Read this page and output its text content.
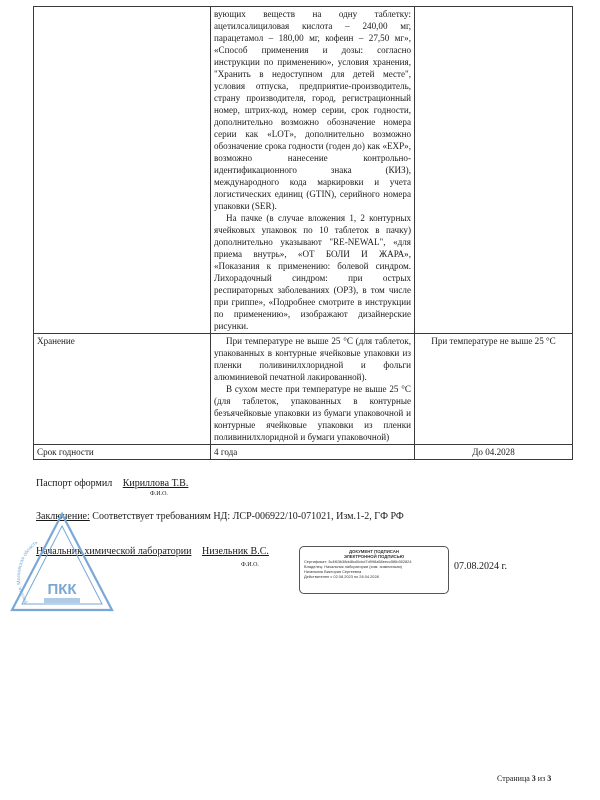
	вующих веществ на одну таблетку: ацетилсалициловая кислота – 240,00 мг, парацетамол – 180,00 мг, кофеин – 27,50 мг», «Способ применения и дозы: согласно инструкции по применению», условия хранения, "Хранить в недоступном для детей месте", условия отпуска, предприятие-производитель, страну производителя, город, регистрационный номер, штрих-код, номер серии, срок годности, дополнительно возможно обозначение номера серии как «LOT», дополнительно возможно обозначение срока годности (годен до) как «EXP», возможно нанесение контрольно-идентификационного знака (КИЗ), международного кода маркировки и учета логистических единиц (GTIN), серийного номера упаковки (SER).

На пачке (в случае вложения 1, 2 контурных ячейковых упаковок по 10 таблеток в пачку) дополнительно указывают "RE-NEWAL", «для приема внутрь», «ОТ БОЛИ И ЖАРА», «Показания к применению: болевой синдром. Лихорадочный синдром: при острых респираторных заболеваниях (ОРЗ), в том числе при гриппе», «Подробнее смотрите в инструкции по применению», изображают дизайнерские рисунки.	

Хранение	При температуре не выше 25 °С (для таблеток, упакованных в контурные ячейковые упаковки из пленки поливинилхлоридной и фольги алюминиевой печатной лакированной).

В сухом месте при температуре не выше 25 °С (для таблеток, упакованных в контурные безъячейковые упаковки из бумаги упаковочной и контурные ячейковые упаковки из пленки поливинилхлоридной и бумаги упаковочной)	При температуре не выше 25 °С
Срок годности	4 года	До 04.2028
Паспорт оформил Кириллова Т.В.
Ф.И.О.
Заключение: Соответствует требованиям НД: ЛСР-006922/10-071021, Изм.1-2, ГФ РФ
Начальник химической лаборатории Низельник В.С.
Ф.И.О.	07.08.2024 г.
Россия, Московская область
ПКК
ДОКУМЕНТ ПОДПИСАН
ЭЛЕКТРОННОЙ ПОДПИСЬЮ
Сертификат: 3c4f63b38dd8cd0cbd7d998a58eecc5f6b352824
Владелец: Начальник лаборатории (хим. химическая)
Низельник Виктория Сергеевна
Действителен с 02.08.2023 по 28.04.2028
Страница 3 из 3
